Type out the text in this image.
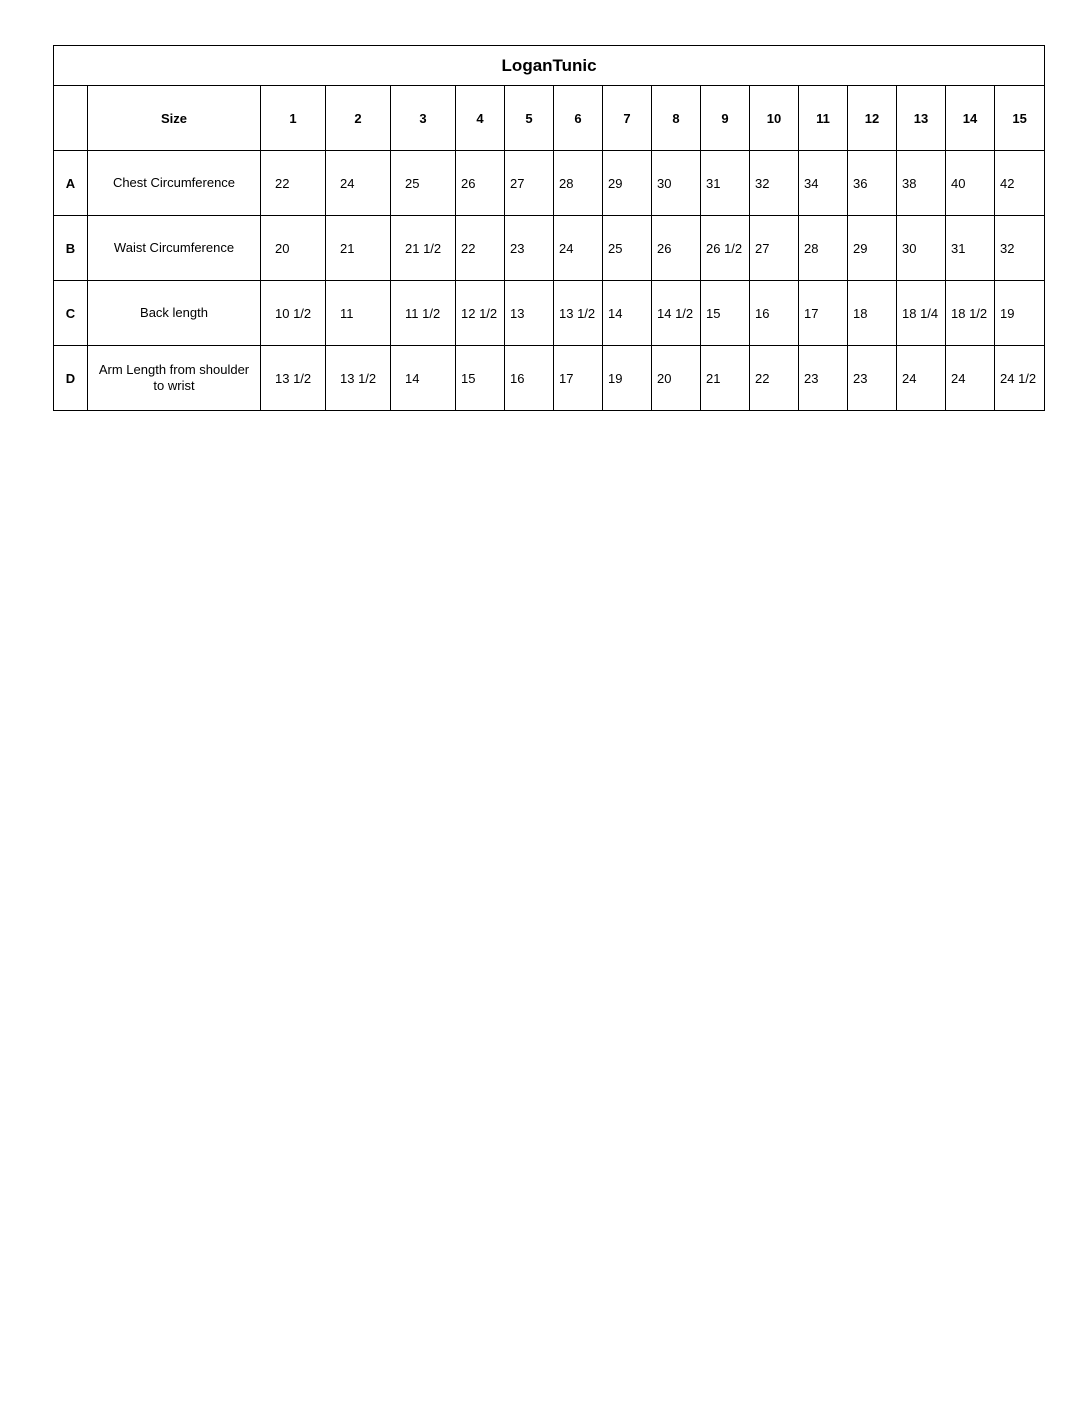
LoganTunic																
	Size	1	2	3	4	5	6	7	8	9	10	11	12	13	14	15
A	Chest Circumference	22	24	25	26	27	28	29	30	31	32	34	36	38	40	42
B	Waist Circumference	20	21	21 1/2	22	23	24	25	26	26 1/2	27	28	29	30	31	32
C	Back length	10 1/2	11	11 1/2	12 1/2	13	13 1/2	14	14 1/2	15	16	17	18	18 1/4	18 1/2	19
D	Arm Length from shoulder to wrist	13 1/2	13 1/2	14	15	16	17	19	20	21	22	23	23	24	24	24 1/2
